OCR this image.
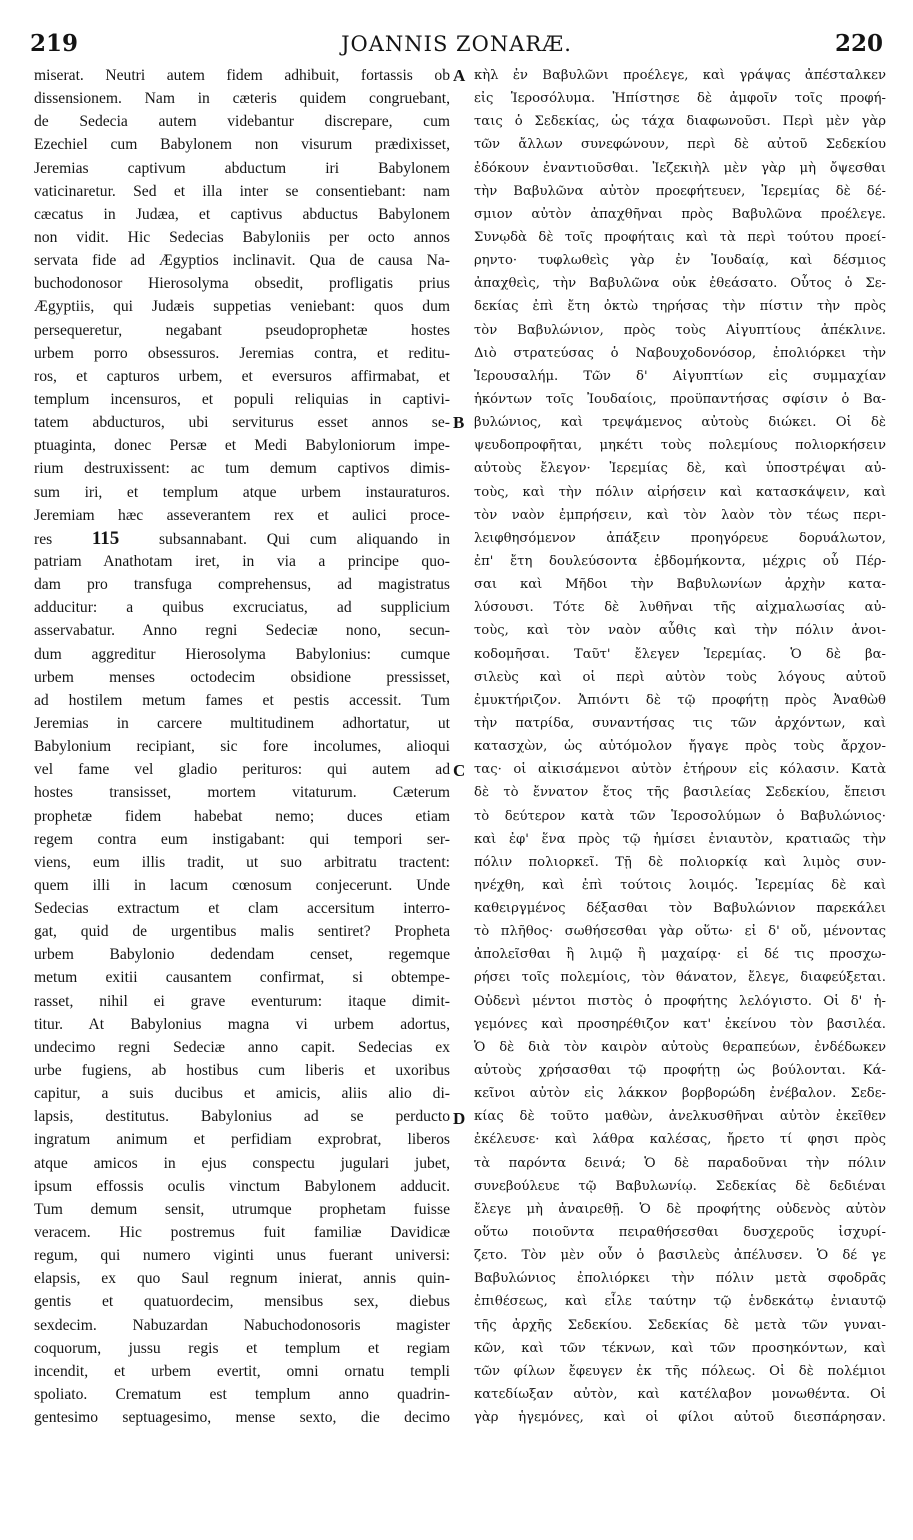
219	JOANNIS ZONARÆ.	220
A
B
C
D
miserat. Neutri autem fidem adhibuit, fortassis ob
dissensionem. Nam in cæteris quidem congruebant,
de Sedecia autem videbantur discrepare, cum
Ezechiel cum Babylonem non visurum prædixisset,
Jeremias captivum abductum iri Babylonem
vaticinaretur. Sed et illa inter se consentiebant: nam
cæcatus in Judæa, et captivus abductus Babylonem
non vidit. Hic Sedecias Babyloniis per octo annos
servata fide ad Ægyptios inclinavit. Qua de causa Na-
buchodonosor Hierosolyma obsedit, profligatis prius
Ægyptiis, qui Judæis suppetias veniebant: quos dum
persequeretur, negabant pseudoprophetæ hostes
urbem porro obsessuros. Jeremias contra, et reditu-
ros, et capturos urbem, et eversuros affirmabat, et
templum incensuros, et populi reliquias in captivi-
tatem abducturos, ubi serviturus esset annos se-
ptuaginta, donec Persæ et Medi Babyloniorum impe-
rium destruxissent: ac tum demum captivos dimis-
sum iri, et templum atque urbem instauraturos.
Jeremiam hæc asseverantem rex et aulici proce-
res 115	subsannabant. Qui cum aliquando in
patriam Anathotam iret, in via a principe quo-
dam pro transfuga comprehensus, ad magistratus
adducitur: a quibus excruciatus, ad supplicium
asservabatur. Anno regni Sedeciæ nono, secun-
dum aggreditur Hierosolyma Babylonius: cumque
urbem menses octodecim obsidione pressisset,
ad hostilem metum fames et pestis accessit. Tum
Jeremias in carcere multitudinem adhortatur, ut
Babylonium recipiant, sic fore incolumes, alioqui
vel fame vel gladio perituros: qui autem ad
hostes transisset, mortem vitaturum. Cæterum
prophetæ fidem habebat nemo; duces etiam
regem contra eum instigabant: qui tempori ser-
viens, eum illis tradit, ut suo arbitratu tractent:
quem illi in lacum cœnosum conjecerunt. Unde
Sedecias extractum et clam accersitum interro-
gat, quid de urgentibus malis sentiret? Propheta
urbem Babylonio dedendam censet, regemque
metum exitii causantem confirmat, si obtempe-
rasset, nihil ei grave eventurum: itaque dimit-
titur. At Babylonius magna vi urbem adortus,
undecimo regni Sedeciæ anno capit. Sedecias ex
urbe fugiens, ab hostibus cum liberis et uxoribus
capitur, a suis ducibus et amicis, aliis alio di-
lapsis, destitutus. Babylonius ad se perducto
ingratum animum et perfidiam exprobrat, liberos
atque amicos in ejus conspectu jugulari jubet,
ipsum effossis oculis vinctum Babylonem adducit.
Tum demum sensit, utrumque prophetam fuisse
veracem. Hic postremus fuit familiæ Davidicæ
regum, qui numero viginti unus fuerant universi:
elapsis, ex quo Saul regnum inierat, annis quin-
gentis et quatuordecim, mensibus sex, diebus
sexdecim. Nabuzardan Nabuchodonosoris magister
coquorum, jussu regis et templum et regiam
incendit, et urbem evertit, omni ornatu templi
spoliato. Crematum est templum anno quadrin-
gentesimo septuagesimo, mense sexto, die decimo
κὴλ ἐν Βαβυλῶνι προέλεγε, καὶ γράψας ἀπέσταλκεν
εἰς Ἱεροσόλυμα. Ἠπίστησε δὲ ἀμφοῖν τοῖς προφή-
ταις ὁ Σεδεκίας, ὡς τάχα διαφωνοῦσι. Περὶ μὲν γὰρ
τῶν ἄλλων συνεφώνουν, περὶ δὲ αὐτοῦ Σεδεκίου
ἐδόκουν ἐναντιοῦσθαι. Ἰεζεκιὴλ μὲν γὰρ μὴ ὄψεσθαι
τὴν Βαβυλῶνα αὐτὸν προεφήτευεν, Ἰερεμίας δὲ δέ-
σμιον αὐτὸν ἀπαχθῆναι πρὸς Βαβυλῶνα προέλεγε.
Συνῳδὰ δὲ τοῖς προφήταις καὶ τὰ περὶ τούτου προεί-
ρηντο· τυφλωθεὶς γὰρ ἐν Ἰουδαίᾳ, καὶ δέσμιος
ἀπαχθεὶς, τὴν Βαβυλῶνα οὐκ ἐθεάσατο. Οὗτος ὁ Σε-
δεκίας ἐπὶ ἔτη ὀκτὼ τηρήσας τὴν πίστιν τὴν πρὸς
τὸν Βαβυλώνιον, πρὸς τοὺς Αἰγυπτίους ἀπέκλινε.
Διὸ στρατεύσας ὁ Ναβουχοδονόσορ, ἐπολιόρκει τὴν
Ἱερουσαλήμ. Τῶν δ' Αἰγυπτίων εἰς συμμαχίαν
ἡκόντων τοῖς Ἰουδαίοις, προϋπαντήσας σφίσιν ὁ Βα-
βυλώνιος, καὶ τρεψάμενος αὐτοὺς διώκει. Οἱ δὲ
ψευδοπροφῆται, μηκέτι τοὺς πολεμίους πολιορκήσειν
αὐτοὺς ἔλεγον· Ἰερεμίας δὲ, καὶ ὑποστρέψαι αὐ-
τοὺς, καὶ τὴν πόλιν αἱρήσειν καὶ κατασκάψειν, καὶ
τὸν ναὸν ἐμπρήσειν, καὶ τὸν λαὸν τὸν τέως περι-
λειφθησόμενον ἀπάξειν προηγόρευε δορυάλωτον,
ἐπ' ἔτη δουλεύσοντα ἑβδομήκοντα, μέχρις οὗ Πέρ-
σαι καὶ Μῆδοι τὴν Βαβυλωνίων ἀρχὴν κατα-
λύσουσι. Τότε δὲ λυθῆναι τῆς αἰχμαλωσίας αὐ-
τοὺς, καὶ τὸν ναὸν αὖθις καὶ τὴν πόλιν ἀνοι-
κοδομῆσαι. Ταῦτ' ἔλεγεν Ἰερεμίας. Ὁ δὲ βα-
σιλεὺς καὶ οἱ περὶ αὐτὸν τοὺς λόγους αὐτοῦ
ἐμυκτήριζον. Ἀπιόντι δὲ τῷ προφήτῃ πρὸς Ἀναθὼθ
τὴν πατρίδα, συναντήσας τις τῶν ἀρχόντων, καὶ
κατασχὼν, ὡς αὐτόμολον ἤγαγε πρὸς τοὺς ἄρχον-
τας· οἱ αἰκισάμενοι αὐτὸν ἐτήρουν εἰς κόλασιν. Κατὰ
δὲ τὸ ἔννατον ἔτος τῆς βασιλείας Σεδεκίου, ἔπεισι
τὸ δεύτερον κατὰ τῶν Ἱεροσολύμων ὁ Βαβυλώνιος·
καὶ ἐφ' ἕνα πρὸς τῷ ἡμίσει ἐνιαυτὸν, κρατιαῶς τὴν
πόλιν πολιορκεῖ. Τῇ δὲ πολιορκίᾳ καὶ λιμὸς συν-
ηνέχθη, καὶ ἐπὶ τούτοις λοιμός. Ἰερεμίας δὲ καὶ
καθειργμένος δέξασθαι τὸν Βαβυλώνιον παρεκάλει
τὸ πλῆθος· σωθήσεσθαι γὰρ οὕτω· εἰ δ' οὔ, μένοντας
ἀπολεῖσθαι ἢ λιμῷ ἢ μαχαίρᾳ· εἰ δέ τις προσχω-
ρήσει τοῖς πολεμίοις, τὸν θάνατον, ἔλεγε, διαφεύξεται.
Οὐδενὶ μέντοι πιστὸς ὁ προφήτης λελόγιστο. Οἱ δ' ἡ-
γεμόνες καὶ προσηρέθιζον κατ' ἐκείνου τὸν βασιλέα.
Ὁ δὲ διὰ τὸν καιρὸν αὐτοὺς θεραπεύων, ἐνδέδωκεν
αὐτοὺς χρήσασθαι τῷ προφήτῃ ὡς βούλονται. Κά-
κεῖνοι αὐτὸν εἰς λάκκον βορβορώδη ἐνέβαλον. Σεδε-
κίας δὲ τοῦτο μαθὼν, ἀνελκυσθῆναι αὐτὸν ἐκεῖθεν
ἐκέλευσε· καὶ λάθρα καλέσας, ἤρετο τί φησι πρὸς
τὰ παρόντα δεινά; Ὁ δὲ παραδοῦναι τὴν πόλιν
συνεβούλευε τῷ Βαβυλωνίῳ. Σεδεκίας δὲ δεδιέναι
ἔλεγε μὴ ἀναιρεθῇ. Ὁ δὲ προφήτης οὐδενὸς αὐτὸν
οὕτω ποιοῦντα πειραθήσεσθαι δυσχεροῦς ἰσχυρί-
ζετο. Τὸν μὲν οὖν ὁ βασιλεὺς ἀπέλυσεν. Ὁ δέ γε
Βαβυλώνιος ἐπολιόρκει τὴν πόλιν μετὰ σφοδρᾶς
ἐπιθέσεως, καὶ εἷλε ταύτην τῷ ἑνδεκάτῳ ἐνιαυτῷ
τῆς ἀρχῆς Σεδεκίου. Σεδεκίας δὲ μετὰ τῶν γυναι-
κῶν, καὶ τῶν τέκνων, καὶ τῶν προσηκόντων, καὶ
τῶν φίλων ἔφευγεν ἐκ τῆς πόλεως. Οἱ δὲ πολέμιοι
κατεδίωξαν αὐτὸν, καὶ κατέλαβον μονωθέντα. Οἱ
γὰρ ἡγεμόνες, καὶ οἱ φίλοι αὐτοῦ διεσπάρησαν.
